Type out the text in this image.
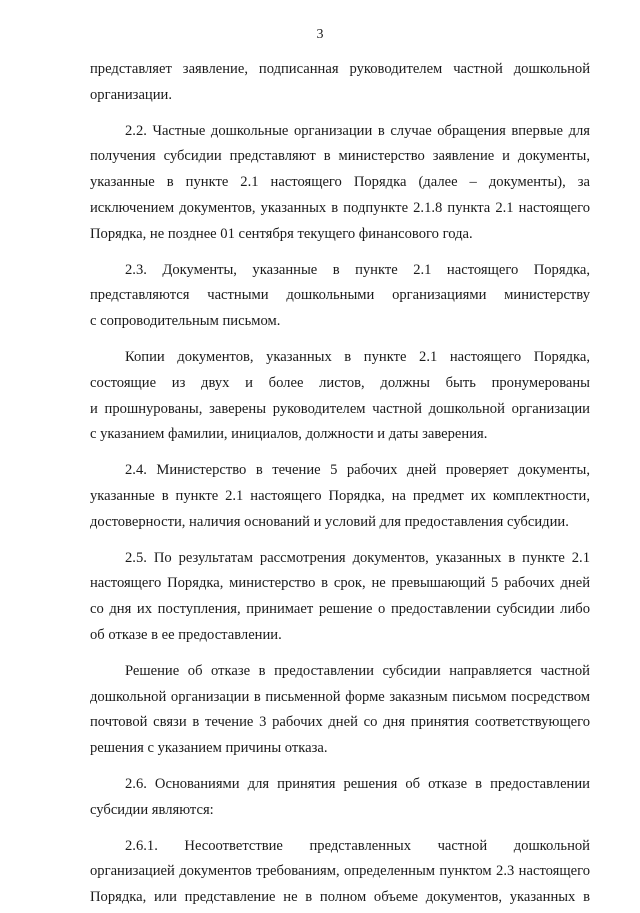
3
представляет заявление, подписанная руководителем частной дошкольной
организации.
2.2. Частные дошкольные организации в случае обращения впервые для
получения субсидии представляют в министерство заявление и документы,
указанные в пункте 2.1 настоящего Порядка (далее – документы), за
исключением документов, указанных в подпункте 2.1.8 пункта 2.1 настоящего
Порядка, не позднее 01 сентября текущего финансового года.
2.3. Документы, указанные в пункте 2.1 настоящего Порядка,
представляются частными дошкольными организациями министерству
с сопроводительным письмом.
Копии документов, указанных в пункте 2.1 настоящего Порядка,
состоящие из двух и более листов, должны быть пронумерованы
и прошнурованы, заверены руководителем частной дошкольной организации
с указанием фамилии, инициалов, должности и даты заверения.
2.4. Министерство в течение 5 рабочих дней проверяет документы,
указанные в пункте 2.1 настоящего Порядка, на предмет их комплектности,
достоверности, наличия оснований и условий для предоставления субсидии.
2.5. По результатам рассмотрения документов, указанных в пункте 2.1
настоящего Порядка, министерство в срок, не превышающий 5 рабочих дней
со дня их поступления, принимает решение о предоставлении субсидии либо
об отказе в ее предоставлении.
Решение об отказе в предоставлении субсидии направляется частной
дошкольной организации в письменной форме заказным письмом посредством
почтовой связи в течение 3 рабочих дней со дня принятия соответствующего
решения с указанием причины отказа.
2.6. Основаниями для принятия решения об отказе в предоставлении
субсидии являются:
2.6.1. Несоответствие представленных частной дошкольной
организацией документов требованиям, определенным пунктом 2.3 настоящего
Порядка, или представление не в полном объеме документов, указанных в
